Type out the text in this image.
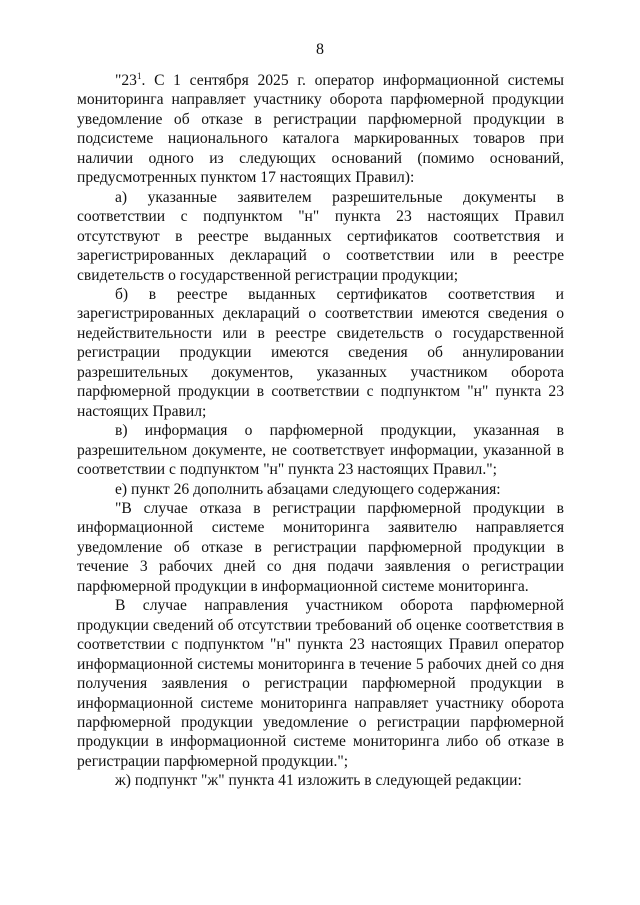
8

"$23^1$. С 1 сентября 2025 г. оператор информационной системы мониторинга направляет участнику оборота парфюмерной продукции уведомление об отказе в регистрации парфюмерной продукции в подсистеме национального каталога маркированных товаров при наличии одного из следующих оснований (помимо оснований, предусмотренных пунктом 17 настоящих Правил):

а) указанные заявителем разрешительные документы в соответствии с подпунктом "н" пункта 23 настоящих Правил отсутствуют в реестре выданных сертификатов соответствия и зарегистрированных деклараций о соответствии или в реестре свидетельств о государственной регистрации продукции;

б) в реестре выданных сертификатов соответствия и зарегистрированных деклараций о соответствии имеются сведения о недействительности или в реестре свидетельств о государственной регистрации продукции имеются сведения об аннулировании разрешительных документов, указанных участником оборота парфюмерной продукции в соответствии с подпунктом "н" пункта 23 настоящих Правил;

в) информация о парфюмерной продукции, указанная в разрешительном документе, не соответствует информации, указанной в соответствии с подпунктом "н" пункта 23 настоящих Правил.";

е) пункт 26 дополнить абзацами следующего содержания:

"В случае отказа в регистрации парфюмерной продукции в информационной системе мониторинга заявителю направляется уведомление об отказе в регистрации парфюмерной продукции в течение 3 рабочих дней со дня подачи заявления о регистрации парфюмерной продукции в информационной системе мониторинга.

В случае направления участником оборота парфюмерной продукции сведений об отсутствии требований об оценке соответствия в соответствии с подпунктом "н" пункта 23 настоящих Правил оператор информационной системы мониторинга в течение 5 рабочих дней со дня получения заявления о регистрации парфюмерной продукции в информационной системе мониторинга направляет участнику оборота парфюмерной продукции уведомление о регистрации парфюмерной продукции в информационной системе мониторинга либо об отказе в регистрации парфюмерной продукции.";

ж) подпункт "ж" пункта 41 изложить в следующей редакции:
